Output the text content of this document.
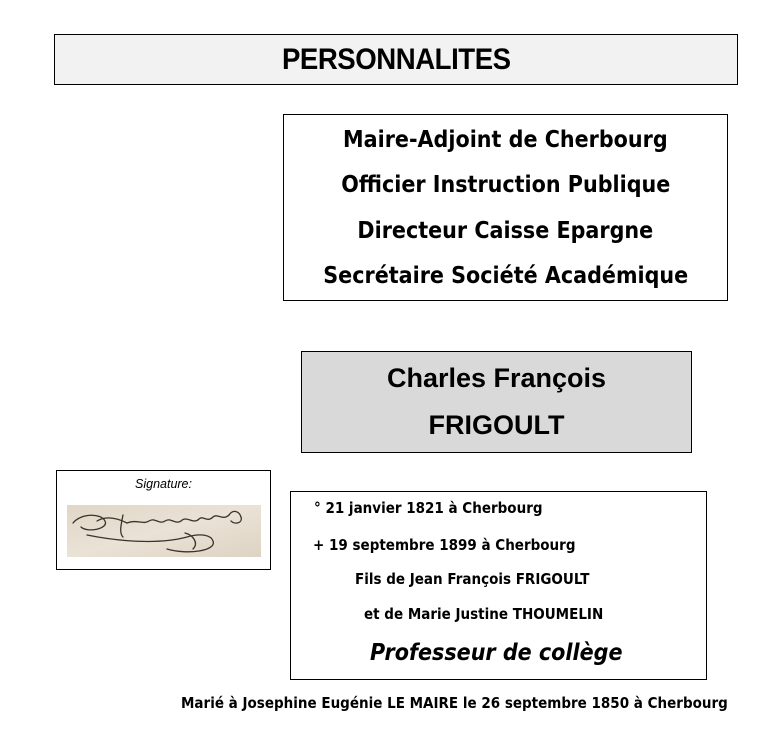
PERSONNALITES
Maire-Adjoint de Cherbourg
Officier Instruction Publique
Directeur Caisse Epargne
Secrétaire Société Académique
Charles François
FRIGOULT
Signature:
° 21 janvier 1821 à Cherbourg
+ 19 septembre 1899 à Cherbourg
Fils de Jean François FRIGOULT
et de Marie Justine THOUMELIN
Professeur de collège
Marié à Josephine Eugénie LE MAIRE le 26 septembre 1850 à Cherbourg
